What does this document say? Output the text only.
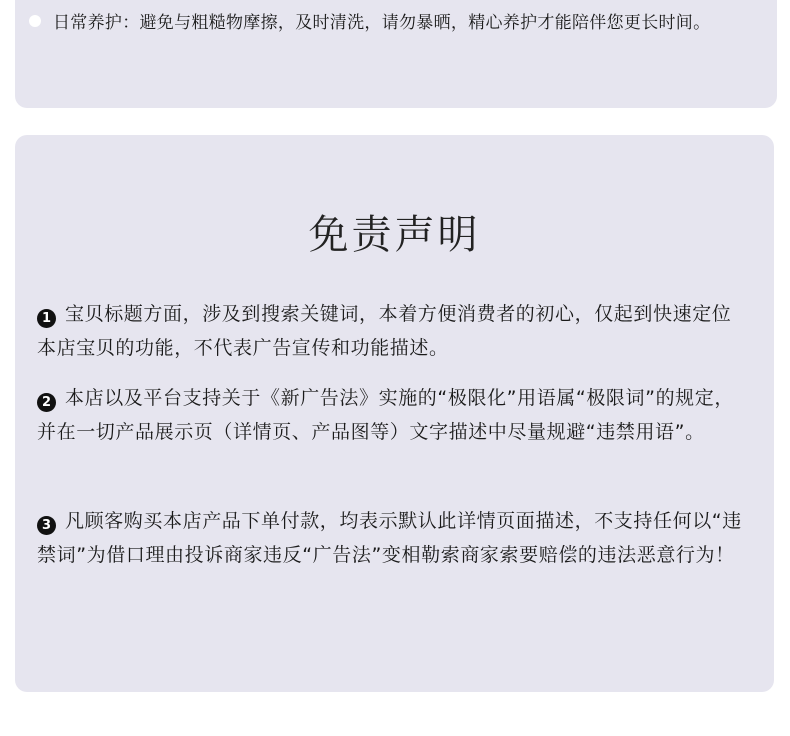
日常养护：避免与粗糙物摩擦，及时清洗，请勿暴晒，精心养护才能陪伴您更长时间。
免责声明

1 宝贝标题方面，涉及到搜索关键词，本着方便消费者的初心，仅起到快速定位本店宝贝的功能，不代表广告宣传和功能描述。

2 本店以及平台支持关于《新广告法》实施的“极限化”用语属“极限词”的规定，并在一切产品展示页（详情页、产品图等）文字描述中尽量规避“违禁用语”。

3 凡顾客购买本店产品下单付款，均表示默认此详情页面描述，不支持任何以“违禁词”为借口理由投诉商家违反“广告法”变相勒索商家索要赔偿的违法恶意行为！
